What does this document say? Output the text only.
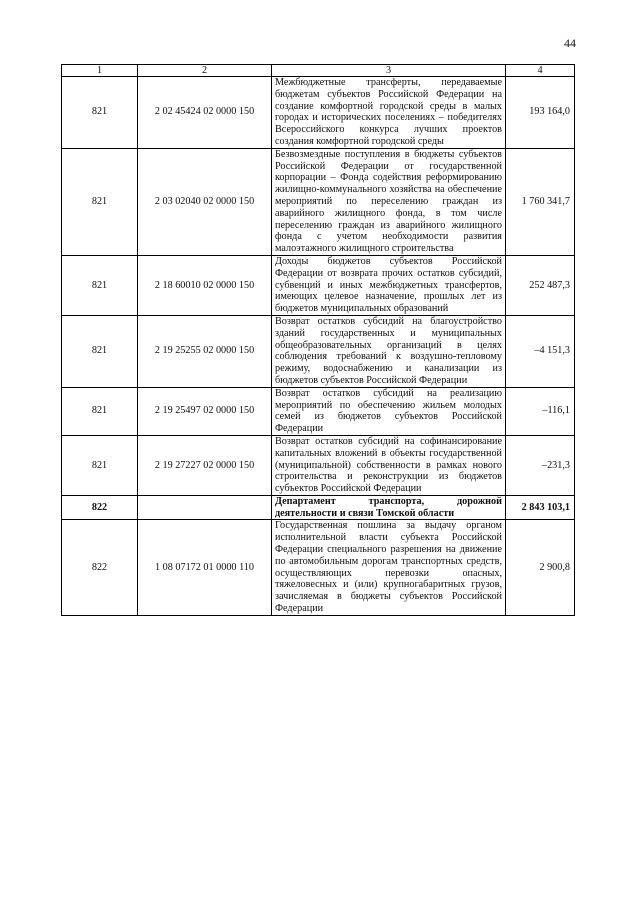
44
1	2	3	4
821	2 02 45424 02 0000 150	Межбюджетные трансферты, передаваемые бюджетам субъектов Российской Федерации на создание комфортной городской среды в малых городах и исторических поселениях – победителях Всероссийского конкурса лучших проектов создания комфортной городской среды	193 164,0
821	2 03 02040 02 0000 150	Безвозмездные поступления в бюджеты субъектов Российской Федерации от государственной корпорации – Фонда содействия реформированию жилищно-коммунального хозяйства на обеспечение мероприятий по переселению граждан из аварийного жилищного фонда, в том числе переселению граждан из аварийного жилищного фонда с учетом необходимости развития малоэтажного жилищного строительства	1 760 341,7
821	2 18 60010 02 0000 150	Доходы бюджетов субъектов Российской Федерации от возврата прочих остатков субсидий, субвенций и иных межбюджетных трансфертов, имеющих целевое назначение, прошлых лет из бюджетов муниципальных образований	252 487,3
821	2 19 25255 02 0000 150	Возврат остатков субсидий на благоустройство зданий государственных и муниципальных общеобразовательных организаций в целях соблюдения требований к воздушно-тепловому режиму, водоснабжению и канализации из бюджетов субъектов Российской Федерации	–4 151,3
821	2 19 25497 02 0000 150	Возврат остатков субсидий на реализацию мероприятий по обеспечению жильем молодых семей из бюджетов субъектов Российской Федерации	–116,1
821	2 19 27227 02 0000 150	Возврат остатков субсидий на софинансирование капитальных вложений в объекты государственной (муниципальной) собственности в рамках нового строительства и реконструкции из бюджетов субъектов Российской Федерации	–231,3
822		Департамент транспорта, дорожной деятельности и связи Томской области	2 843 103,1
822	1 08 07172 01 0000 110	Государственная пошлина за выдачу органом исполнительной власти субъекта Российской Федерации специального разрешения на движение по автомобильным дорогам транспортных средств, осуществляющих перевозки опасных, тяжеловесных и (или) крупногабаритных грузов, зачисляемая в бюджеты субъектов Российской Федерации	2 900,8
